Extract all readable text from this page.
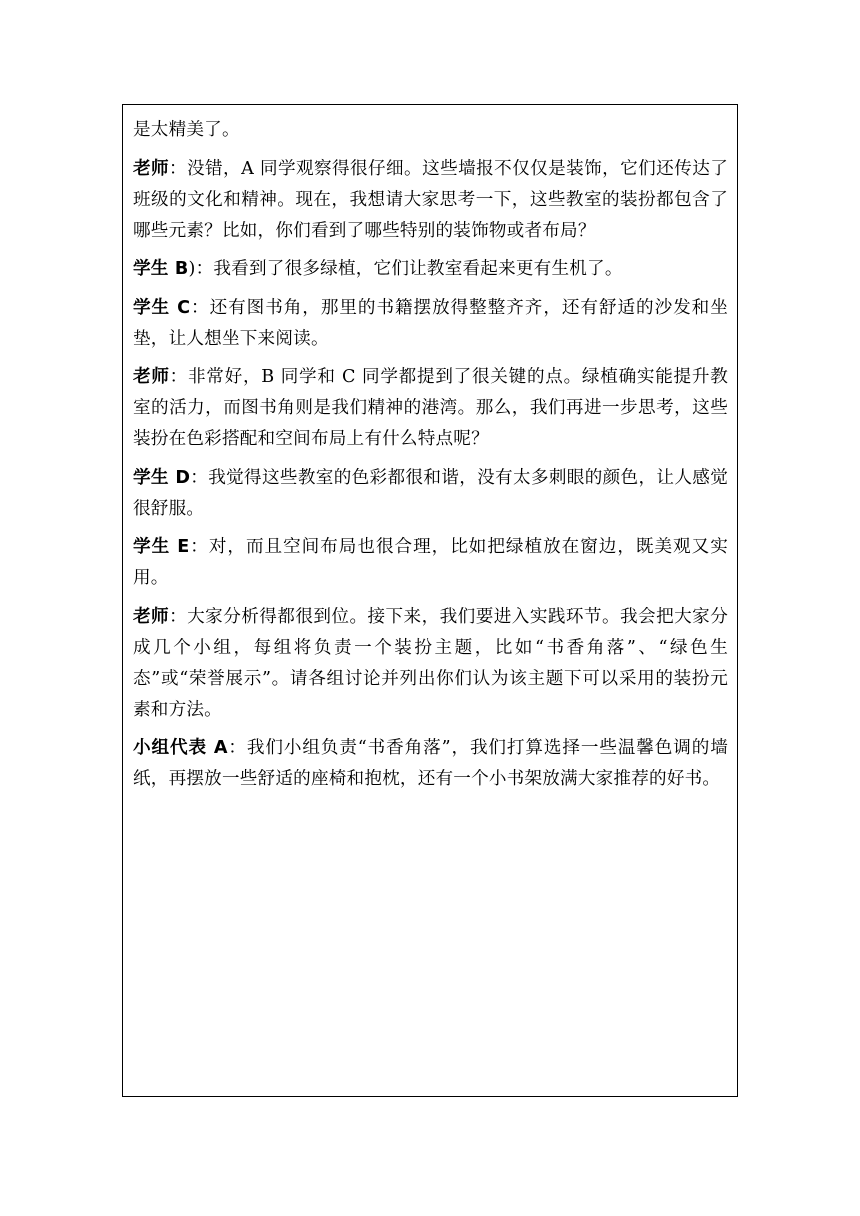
是太精美了。

老师：没错，A 同学观察得很仔细。这些墙报不仅仅是装饰，它们还传达了班级的文化和精神。现在，我想请大家思考一下，这些教室的装扮都包含了哪些元素？比如，你们看到了哪些特别的装饰物或者布局？

学生 B)：我看到了很多绿植，它们让教室看起来更有生机了。

学生 C：还有图书角，那里的书籍摆放得整整齐齐，还有舒适的沙发和坐垫，让人想坐下来阅读。

老师：非常好，B 同学和 C 同学都提到了很关键的点。绿植确实能提升教室的活力，而图书角则是我们精神的港湾。那么，我们再进一步思考，这些装扮在色彩搭配和空间布局上有什么特点呢？

学生 D：我觉得这些教室的色彩都很和谐，没有太多刺眼的颜色，让人感觉很舒服。

学生 E：对，而且空间布局也很合理，比如把绿植放在窗边，既美观又实用。

老师：大家分析得都很到位。接下来，我们要进入实践环节。我会把大家分成几个小组，每组将负责一个装扮主题，比如“书香角落”、“绿色生态”或“荣誉展示”。请各组讨论并列出你们认为该主题下可以采用的装扮元素和方法。

小组代表 A：我们小组负责“书香角落”，我们打算选择一些温馨色调的墙纸，再摆放一些舒适的座椅和抱枕，还有一个小书架放满大家推荐的好书。
